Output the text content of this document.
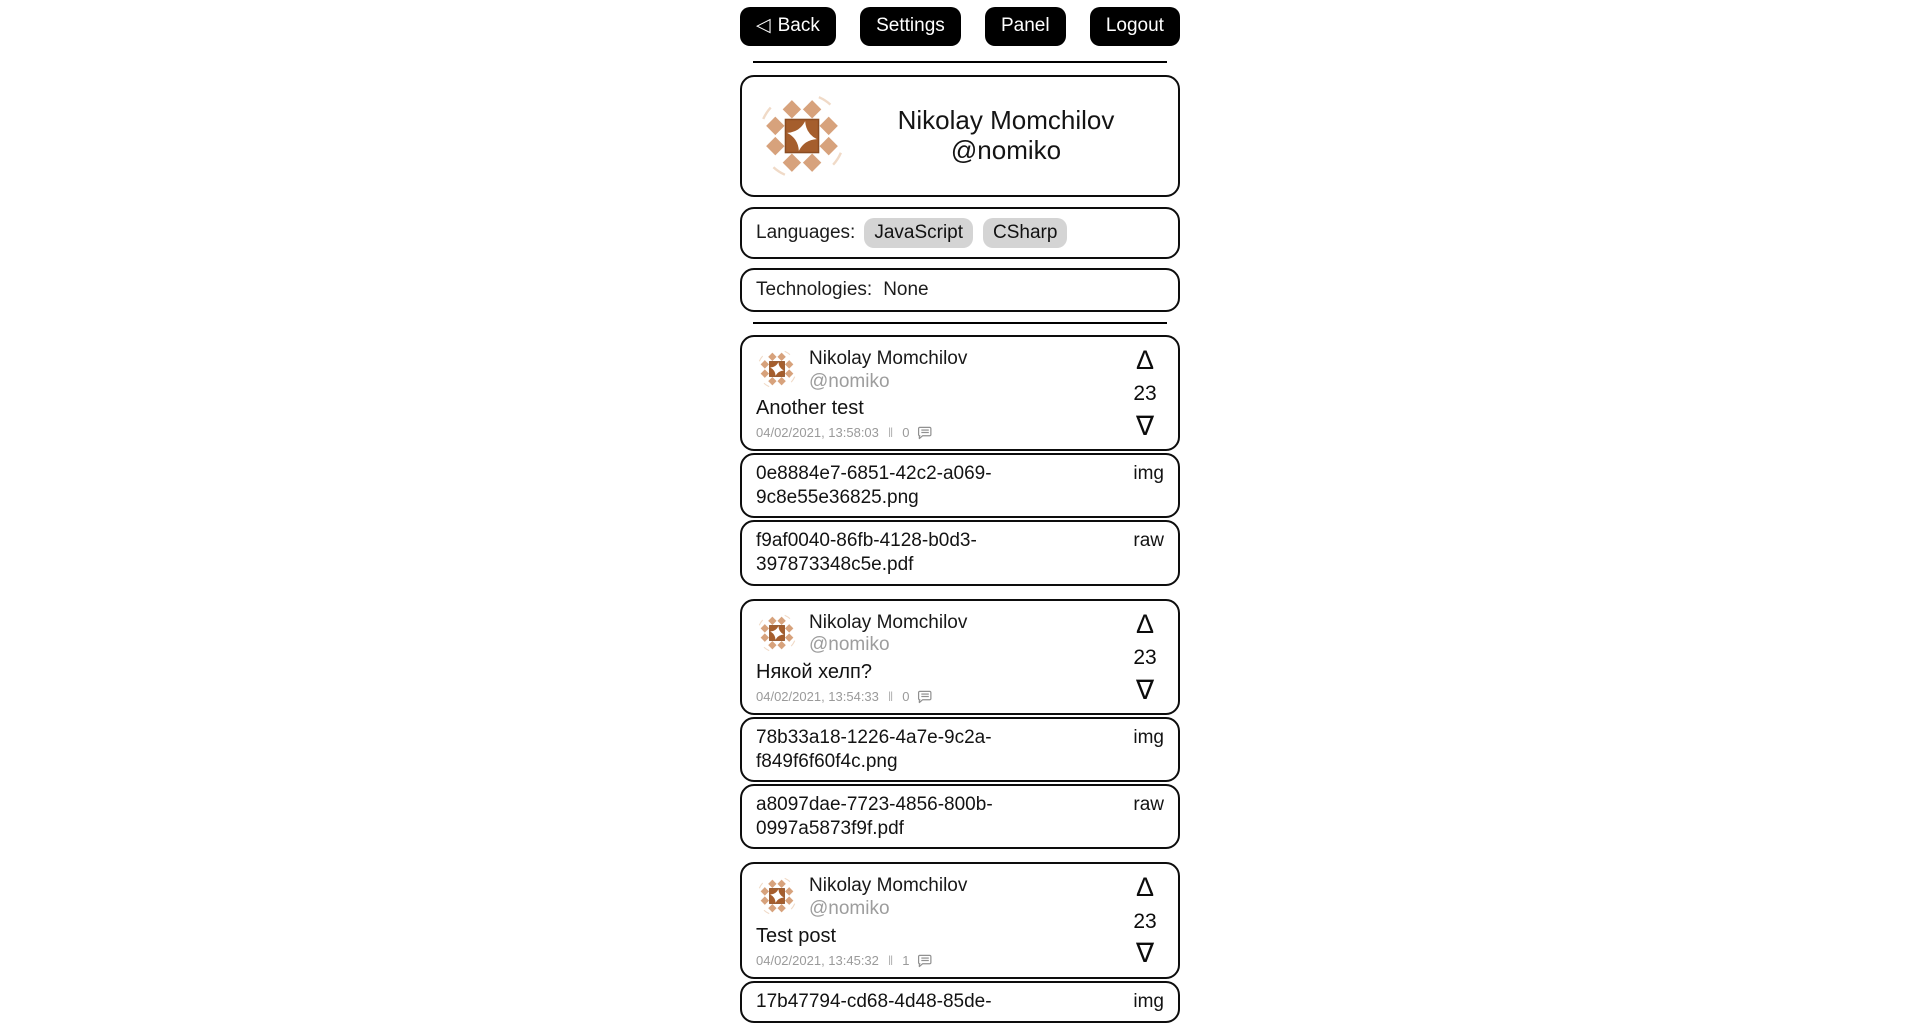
◁ Back	Settings	Panel	Logout
Nikolay Momchilov
@nomiko
Languages:	JavaScript	CSharp
Technologies: None
Nikolay Momchilov
@nomiko
Another test
04/02/2021, 13:58:03 ‖ 0
Δ
23
∇
0e8884e7-6851-42c2-a069-9c8e55e36825.png
img
f9af0040-86fb-4128-b0d3-397873348c5e.pdf
raw
Nikolay Momchilov
@nomiko
Някой хелп?
04/02/2021, 13:54:33 ‖ 0
Δ
23
∇
78b33a18-1226-4a7e-9c2a-f849f6f60f4c.png
img
a8097dae-7723-4856-800b-0997a5873f9f.pdf
raw
Nikolay Momchilov
@nomiko
Test post
04/02/2021, 13:45:32 ‖ 1
Δ
23
∇
17b47794-cd68-4d48-85de-	img
